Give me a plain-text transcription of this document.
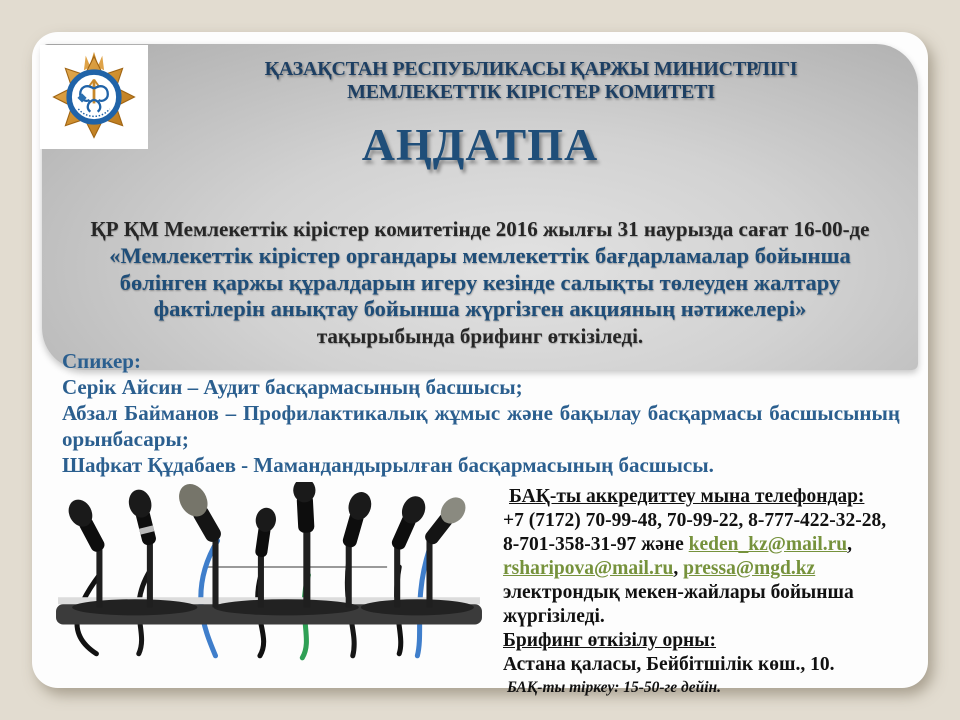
ҚАЗАҚСТАН РЕСПУБЛИКАСЫ ҚАРЖЫ МИНИСТРЛІГІ
МЕМЛЕКЕТТІК КІРІСТЕР КОМИТЕТІ
АҢДАТПА
ҚР ҚМ Мемлекеттік кірістер комитетінде 2016 жылғы 31 наурызда сағат 16-00-де
«Мемлекеттік кірістер органдары мемлекеттік бағдарламалар бойынша
бөлінген қаржы құралдарын игеру кезінде салықты төлеуден жалтару
фактілерін анықтау бойынша жүргізген акцияның нәтижелері»
тақырыбында брифинг өткізіледі.
Спикер:
Серік Айсин – Аудит басқармасының басшысы;
Абзал Байманов – Профилактикалық жұмыс және бақылау басқармасы басшысының орынбасары;
Шафкат Құдабаев - Мамандандырылған басқармасының басшысы.
БАҚ-ты аккредиттеу мына телефондар:
+7 (7172) 70-99-48, 70-99-22, 8-777-422-32-28,
8-701-358-31-97 және keden_kz@mail.ru,
rsharipova@mail.ru, pressa@mgd.kz
электрондық мекен-жайлары бойынша
жүргізіледі.
Брифинг өткізілу орны:
Астана қаласы, Бейбітшілік көш., 10.
БАҚ-ты тіркеу: 15-50-ге дейін.
